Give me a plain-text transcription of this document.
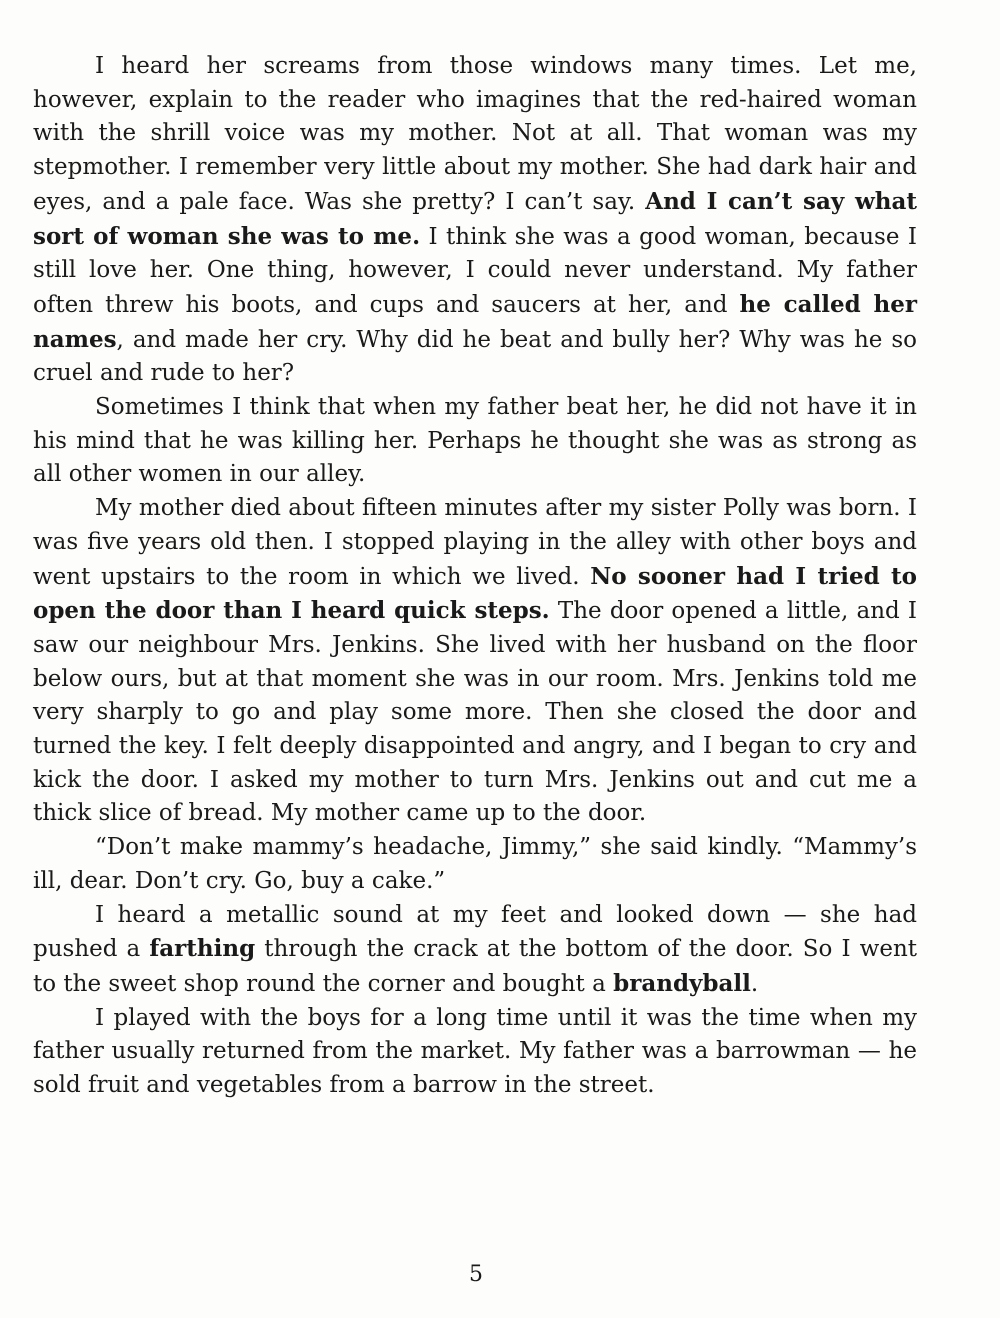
I heard her screams from those windows many times. Let me, however, explain to the reader who imagines that the red-haired woman with the shrill voice was my mother. Not at all. That woman was my stepmother. I remember very little about my mother. She had dark hair and eyes, and a pale face. Was she pretty? I can’t say. And I can’t say what sort of woman she was to me. I think she was a good woman, because I still love her. One thing, however, I could never understand. My father often threw his boots, and cups and saucers at her, and he called her names, and made her cry. Why did he beat and bully her? Why was he so cruel and rude to her?

Sometimes I think that when my father beat her, he did not have it in his mind that he was killing her. Perhaps he thought she was as strong as all other women in our alley.

My mother died about fifteen minutes after my sister Polly was born. I was five years old then. I stopped playing in the alley with other boys and went upstairs to the room in which we lived. No sooner had I tried to open the door than I heard quick steps. The door opened a little, and I saw our neighbour Mrs. Jenkins. She lived with her husband on the floor below ours, but at that moment she was in our room. Mrs. Jenkins told me very sharply to go and play some more. Then she closed the door and turned the key. I felt deeply disappointed and angry, and I began to cry and kick the door. I asked my mother to turn Mrs. Jenkins out and cut me a thick slice of bread. My mother came up to the door.

“Don’t make mammy’s headache, Jimmy,” she said kindly. “Mammy’s ill, dear. Don’t cry. Go, buy a cake.”

I heard a metallic sound at my feet and looked down — she had pushed a farthing through the crack at the bottom of the door. So I went to the sweet shop round the corner and bought a brandyball.

I played with the boys for a long time until it was the time when my father usually returned from the market. My father was a barrowman — he sold fruit and vegetables from a barrow in the street.

5
